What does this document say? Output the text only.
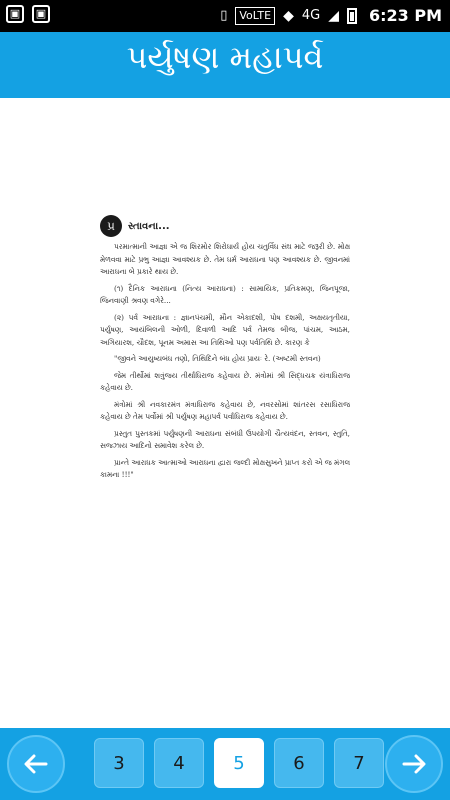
▣	▣	▯	VoLTE ◆ 4G ◢ 6:23 PM
પર્યુષણ મહાપર્વ
પ્ર	સ્તાવના...

પરમાત્માની આજ્ઞા એ જ શિરમોર શિરોધાર્ય હોય ચતુર્વિધ સંઘ માટે જરૂરી છે. મોક્ષ મેળવવા માટે પ્રભુ આજ્ઞા આવશ્યક છે. તેમ ધર્મ આરાધના પણ આવશ્યક છે. જીવનમાં આરાધના બે પ્રકારે થાય છે.

(૧) દૈનિક આરાધના (નિત્ય આરાધના) : સામાયિક, પ્રતિક્રમણ, જિનપૂજા, જિનવાણી શ્રવણ વગેરે...

(૨) પર્વ આરાધના : જ્ઞાનપંચમી, મૌન એકાદશી, પોષ દશમી, અક્ષયતૃતીયા, પર્યુષણ, આયંબિલની ઓળી, દિવાળી આદિ પર્વ તેમજ બીજ, પાંચમ, આઠમ, અગિયારશ, ચૌદશ, પૂનમ અમાસ આ તિથિઓ પણ પર્વતિથિ છે. કારણ કે

"જીવને આયુષ્યબંધ તણો, તિથિદિને બંધ હોય પ્રાયઃ રે. (અષ્ટમી સ્તવન)

જેમ તીર્થોમાં શત્રુંજય તીર્થાધિરાજ કહેવાય છે. મંત્રોમાં શ્રી સિદ્ધચક્ર યંત્રાધિરાજ કહેવાય છે.

મંત્રોમાં શ્રી નવકારમંત્ર મંત્રાધિરાજ કહેવાય છે, નવરસોમાં શાંતરસ રસાધિરાજ કહેવાય છે તેમ પર્વોમાં શ્રી પર્યુષણ મહાપર્વ પર્વાધિરાજ કહેવાય છે.

પ્રસ્તુત પુસ્તકમાં પર્યુષણની આરાધના સંબંધી ઉપયોગી ચૈત્યવંદન, સ્તવન, સ્તુતિ, સજ્ઝાય આદિનો સમાવેશ કરેલ છે.

પ્રાન્તે આરાધક આત્માઓ આરાધના દ્વારા જલ્દી મોક્ષસુખને પ્રાપ્ત કરો એ જ મંગલ કામના !!!"

3	4	5	6	7
